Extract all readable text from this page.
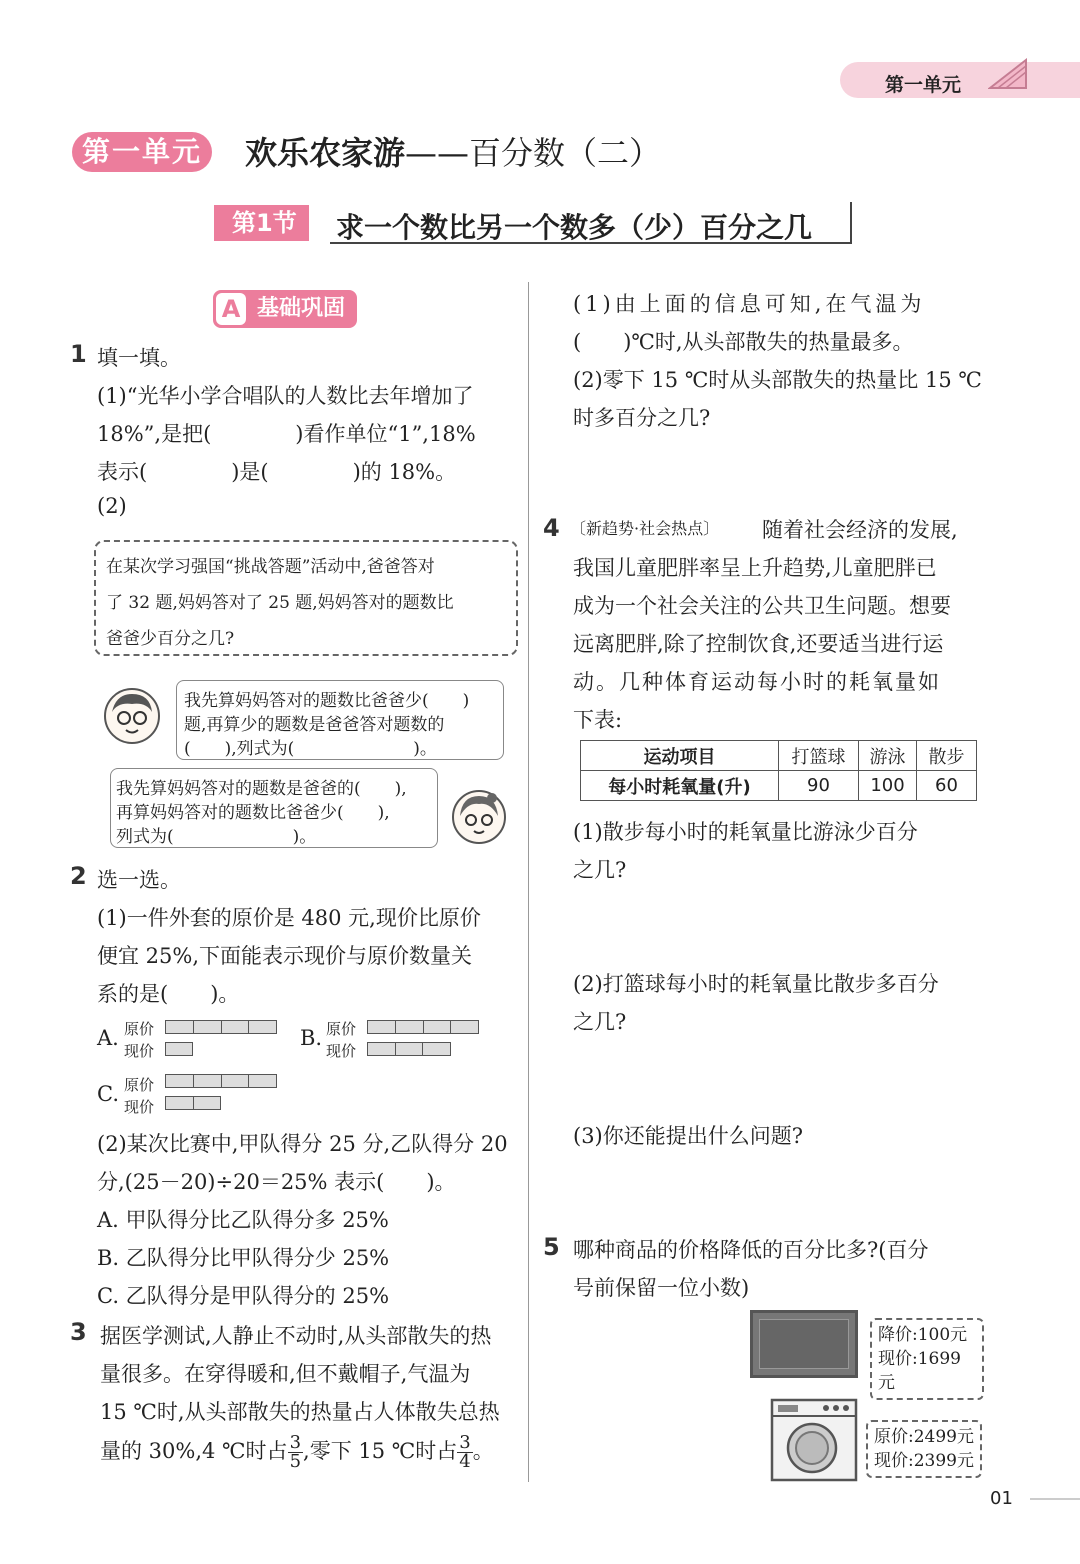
第一单元
第一单元	欢乐农家游——百分数（二）
第1节	求一个数比另一个数多（少）百分之几
基础巩固
A
1 填一填。
(1)“光华小学合唱队的人数比去年增加了
18%”,是把(　　　　)看作单位“1”,18%
表示(　　　　)是(　　　　)的 18%。
(2)
在某次学习强国“挑战答题”活动中,爸爸答对
了 32 题,妈妈答对了 25 题,妈妈答对的题数比
爸爸少百分之几?
我先算妈妈答对的题数比爸爸少(　　)
题,再算少的题数是爸爸答对题数的
(　　),列式为(　　　　　　　)。
我先算妈妈答对的题数是爸爸的(　　),
再算妈妈答对的题数比爸爸少(　　),
列式为(　　　　　　　)。
2 选一选。
(1)一件外套的原价是 480 元,现价比原价
便宜 25%,下面能表示现价与原价数量关
系的是(　　)。
A. 原价
现价
B. 原价
现价
C. 原价
现价
(2)某次比赛中,甲队得分 25 分,乙队得分 20
分,(25－20)÷20＝25% 表示(　　)。
A. 甲队得分比乙队得分多 25%
B. 乙队得分比甲队得分少 25%
C. 乙队得分是甲队得分的 25%
3 据医学测试,人静止不动时,从头部散失的热
量很多。在穿得暖和,但不戴帽子,气温为
15 ℃时,从头部散失的热量占人体散失总热
量的 30%,4 ℃时占 $\frac{3}{5}$ ,零下 15 ℃时占 $\frac{3}{4}$ 。
(1)由上面的信息可知,在气温为
(　　)℃时,从头部散失的热量最多。
(2)零下 15 ℃时从头部散失的热量比 15 ℃
时多百分之几?
4 〔新趋势·社会热点〕 随着社会经济的发展,
我国儿童肥胖率呈上升趋势,儿童肥胖已
成为一个社会关注的公共卫生问题。想要
远离肥胖,除了控制饮食,还要适当进行运
动。几种体育运动每小时的耗氧量如
下表:
运动项目	打篮球	游泳	散步
每小时耗氧量(升)	90	100	60
(1)散步每小时的耗氧量比游泳少百分
之几?
(2)打篮球每小时的耗氧量比散步多百分
之几?
(3)你还能提出什么问题?
5 哪种商品的价格降低的百分比多?(百分
号前保留一位小数)
降价:100元
现价:1699元
原价:2499元
现价:2399元
01
